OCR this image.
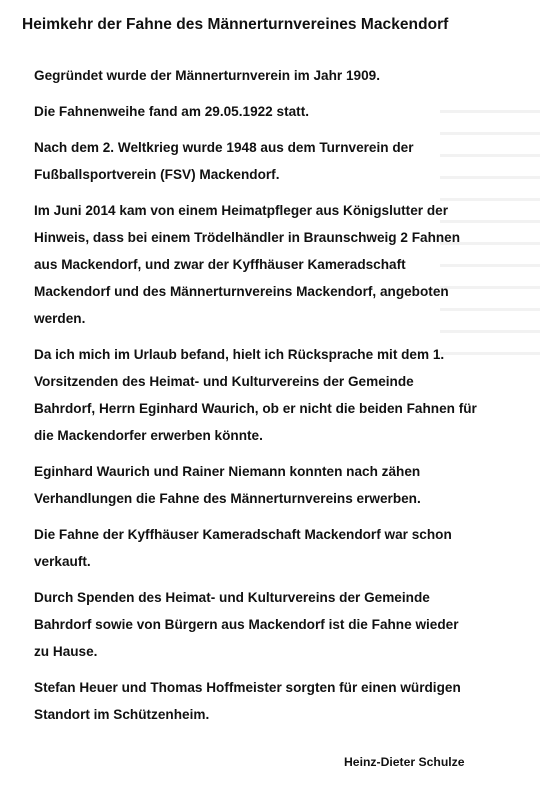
Heimkehr der Fahne des Männerturnvereines Mackendorf

Gegründet wurde der Männerturnverein im Jahr 1909.

Die Fahnenweihe fand am 29.05.1922 statt.

Nach dem 2. Weltkrieg wurde 1948 aus dem Turnverein der
Fußballsportverein (FSV) Mackendorf.

Im Juni 2014 kam von einem Heimatpfleger aus Königslutter der
Hinweis, dass bei einem Trödelhändler in Braunschweig 2 Fahnen
aus Mackendorf, und zwar der Kyffhäuser Kameradschaft
Mackendorf und des Männerturnvereins Mackendorf, angeboten
werden.

Da ich mich im Urlaub befand, hielt ich Rücksprache mit dem 1.
Vorsitzenden des Heimat- und Kulturvereins der Gemeinde
Bahrdorf, Herrn Eginhard Waurich, ob er nicht die beiden Fahnen für
die Mackendorfer erwerben könnte.

Eginhard Waurich und Rainer Niemann konnten nach zähen
Verhandlungen die Fahne des Männerturnvereins erwerben.

Die Fahne der Kyffhäuser Kameradschaft Mackendorf war schon
verkauft.

Durch Spenden des Heimat- und Kulturvereins der Gemeinde
Bahrdorf sowie von Bürgern aus Mackendorf ist die Fahne wieder
zu Hause.

Stefan Heuer und Thomas Hoffmeister sorgten für einen würdigen
Standort im Schützenheim.

Heinz-Dieter Schulze
